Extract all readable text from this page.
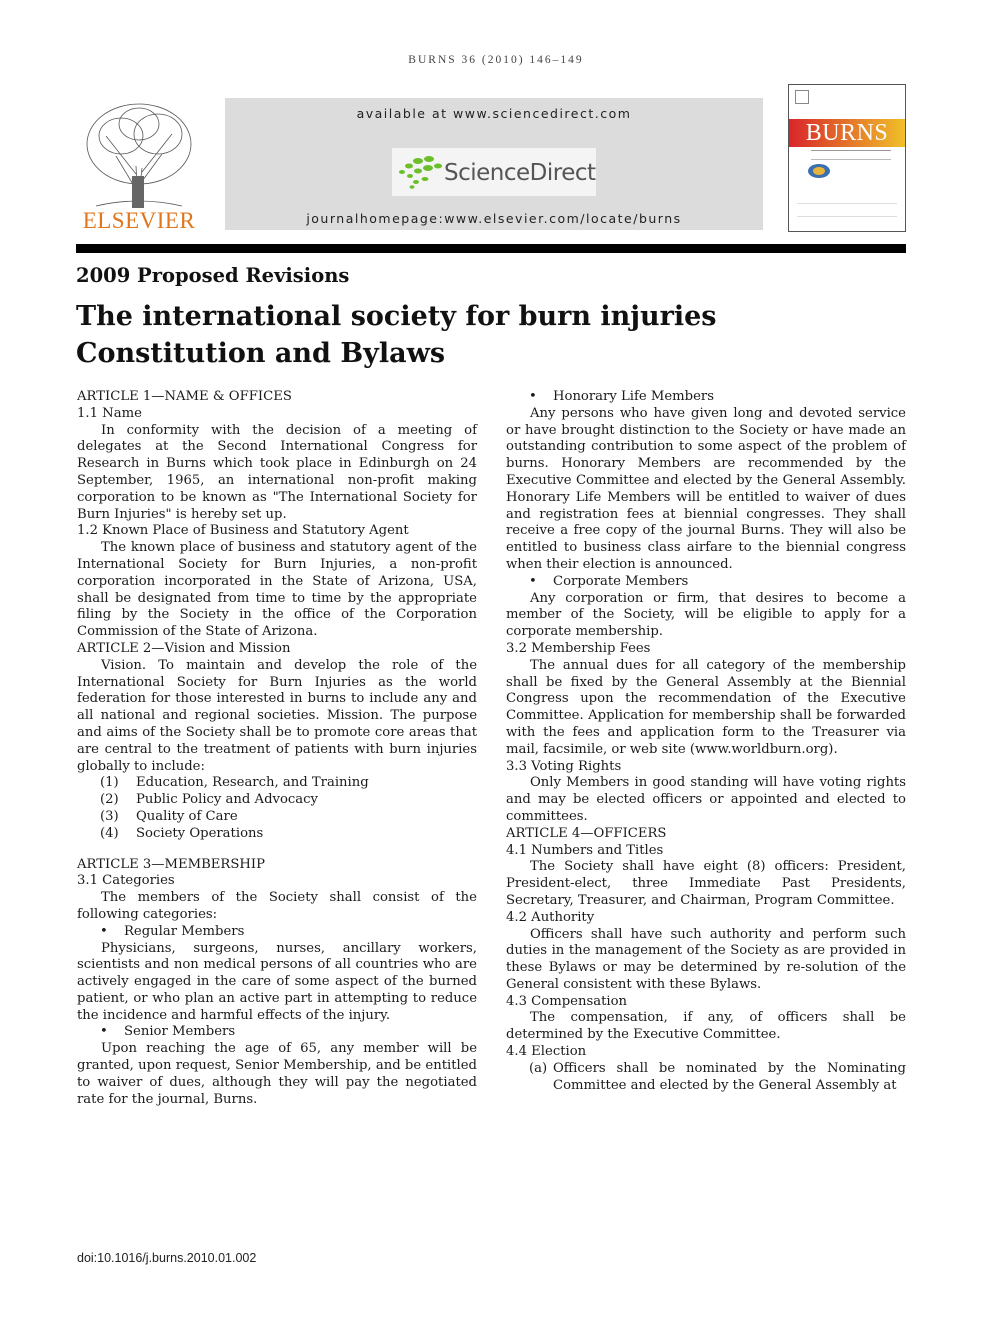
BURNS 36 (2010) 146–149
ELSEVIER
available at www.sciencedirect.com
ScienceDirect
journalhomepage:www.elsevier.com/locate/burns
BURNS
2009 Proposed Revisions
The international society for burn injuries
Constitution and Bylaws

ARTICLE 1—NAME & OFFICES

1.1 Name

In conformity with the decision of a meeting of delegates at the Second International Congress for Research in Burns which took place in Edinburgh on 24 September, 1965, an international non-profit making corporation to be known as "The International Society for Burn Injuries" is hereby set up.

1.2 Known Place of Business and Statutory Agent

The known place of business and statutory agent of the International Society for Burn Injuries, a non-profit corporation incorporated in the State of Arizona, USA, shall be designated from time to time by the appropriate filing by the Society in the office of the Corporation Commission of the State of Arizona.

ARTICLE 2—Vision and Mission

Vision. To maintain and develop the role of the International Society for Burn Injuries as the world federation for those interested in burns to include any and all national and regional societies. Mission. The purpose and aims of the Society shall be to promote core areas that are central to the treatment of patients with burn injuries globally to include:

(1)	Education, Research, and Training
(2)	Public Policy and Advocacy
(3)	Quality of Care
(4)	Society Operations

ARTICLE 3—MEMBERSHIP

3.1 Categories

The members of the Society shall consist of the following categories:

•	Regular Members

Physicians, surgeons, nurses, ancillary workers, scientists and non medical persons of all countries who are actively engaged in the care of some aspect of the burned patient, or who plan an active part in attempting to reduce the incidence and harmful effects of the injury.

•	Senior Members

Upon reaching the age of 65, any member will be granted, upon request, Senior Membership, and be entitled to waiver of dues, although they will pay the negotiated rate for the journal, Burns.

•	Honorary Life Members

Any persons who have given long and devoted service or have brought distinction to the Society or have made an outstanding contribution to some aspect of the problem of burns. Honorary Members are recommended by the Executive Committee and elected by the General Assembly. Honorary Life Members will be entitled to waiver of dues and registration fees at biennial congresses. They shall receive a free copy of the journal Burns. They will also be entitled to business class airfare to the biennial congress when their election is announced.

•	Corporate Members

Any corporation or firm, that desires to become a member of the Society, will be eligible to apply for a corporate membership.

3.2 Membership Fees

The annual dues for all category of the membership shall be fixed by the General Assembly at the Biennial Congress upon the recommendation of the Executive Committee. Application for membership shall be forwarded with the fees and application form to the Treasurer via mail, facsimile, or web site (www.worldburn.org).

3.3 Voting Rights

Only Members in good standing will have voting rights and may be elected officers or appointed and elected to committees.

ARTICLE 4—OFFICERS

4.1 Numbers and Titles

The Society shall have eight (8) officers: President, President-elect, three Immediate Past Presidents, Secretary, Treasurer, and Chairman, Program Committee.

4.2 Authority

Officers shall have such authority and perform such duties in the management of the Society as are provided in these Bylaws or may be determined by re-solution of the General consistent with these Bylaws.

4.3 Compensation

The compensation, if any, of officers shall be determined by the Executive Committee.

4.4 Election

(a) Officers shall be nominated by the Nominating Committee and elected by the General Assembly at
doi:10.1016/j.burns.2010.01.002
